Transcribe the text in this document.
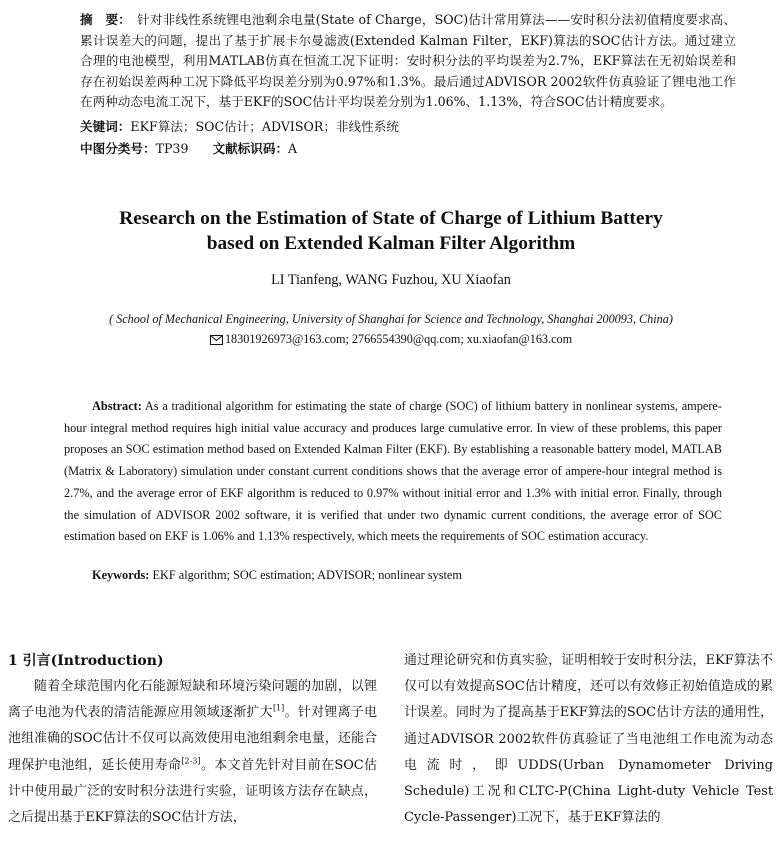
摘　要： 针对非线性系统锂电池剩余电量(State of Charge，SOC)估计常用算法——安时积分法初值精度要求高、累计误差大的问题，提出了基于扩展卡尔曼滤波(Extended Kalman Filter，EKF)算法的SOC估计方法。通过建立合理的电池模型，利用MATLAB仿真在恒流工况下证明：安时积分法的平均误差为2.7%，EKF算法在无初始误差和存在初始误差两种工况下降低平均误差分别为0.97%和1.3%。最后通过ADVISOR 2002软件仿真验证了锂电池工作在两种动态电流工况下，基于EKF的SOC估计平均误差分别为1.06%、1.13%，符合SOC估计精度要求。
关键词：EKF算法；SOC估计；ADVISOR；非线性系统
中图分类号：TP39 文献标识码：A
Research on the Estimation of State of Charge of Lithium Battery
based on Extended Kalman Filter Algorithm
LI Tianfeng, WANG Fuzhou, XU Xiaofan
( School of Mechanical Engineering, University of Shanghai for Science and Technology, Shanghai 200093, China)
18301926973@163.com; 2766554390@qq.com; xu.xiaofan@163.com
Abstract: As a traditional algorithm for estimating the state of charge (SOC) of lithium battery in nonlinear systems, ampere-hour integral method requires high initial value accuracy and produces large cumulative error. In view of these problems, this paper proposes an SOC estimation method based on Extended Kalman Filter (EKF). By establishing a reasonable battery model, MATLAB (Matrix & Laboratory) simulation under constant current conditions shows that the average error of ampere-hour integral method is 2.7%, and the average error of EKF algorithm is reduced to 0.97% without initial error and 1.3% with initial error. Finally, through the simulation of ADVISOR 2002 software, it is verified that under two dynamic current conditions, the average error of SOC estimation based on EKF is 1.06% and 1.13% respectively, which meets the requirements of SOC estimation accuracy.
Keywords: EKF algorithm; SOC estimation; ADVISOR; nonlinear system
1 引言(Introduction)
随着全球范围内化石能源短缺和环境污染问题的加剧，以锂离子电池为代表的清洁能源应用领域逐渐扩大[1]。针对锂离子电池组准确的SOC估计不仅可以高效使用电池组剩余电量，还能合理保护电池组，延长使用寿命[2-3]。本文首先针对目前在SOC估计中使用最广泛的安时积分法进行实验，证明该方法存在缺点，之后提出基于EKF算法的SOC估计方法，
通过理论研究和仿真实验，证明相较于安时积分法，EKF算法不仅可以有效提高SOC估计精度，还可以有效修正初始值造成的累计误差。同时为了提高基于EKF算法的SOC估计方法的通用性，通过ADVISOR 2002软件仿真验证了当电池组工作电流为动态电流时，即UDDS(Urban Dynamometer Driving Schedule)工况和CLTC-P(China Light-duty Vehicle Test Cycle-Passenger)工况下，基于EKF算法的
